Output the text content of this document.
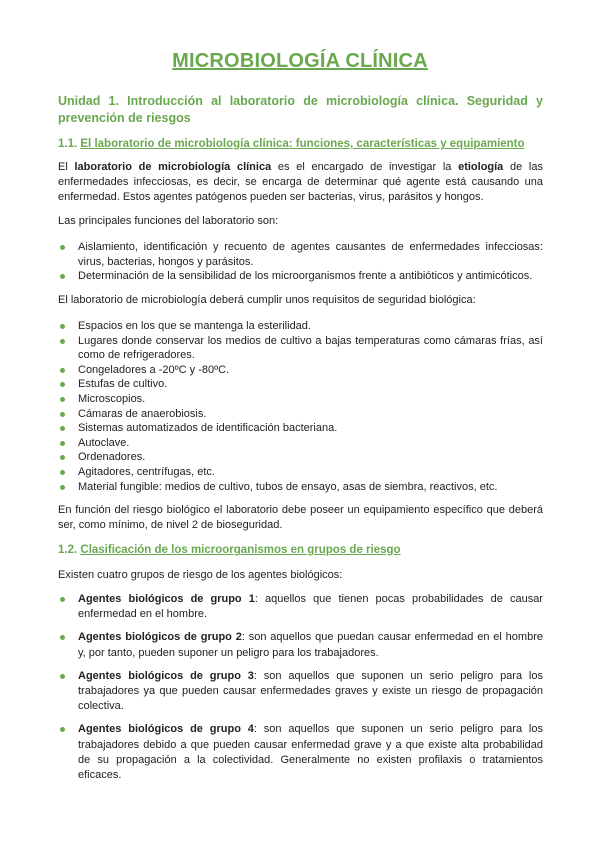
MICROBIOLOGÍA CLÍNICA
Unidad 1. Introducción al laboratorio de microbiología clínica. Seguridad y prevención de riesgos
1.1. El laboratorio de microbiología clínica: funciones, características y equipamiento
El laboratorio de microbiología clínica es el encargado de investigar la etiología de las enfermedades infecciosas, es decir, se encarga de determinar qué agente está causando una enfermedad. Estos agentes patógenos pueden ser bacterias, virus, parásitos y hongos.
Las principales funciones del laboratorio son:
Aislamiento, identificación y recuento de agentes causantes de enfermedades infecciosas: virus, bacterias, hongos y parásitos.
Determinación de la sensibilidad de los microorganismos frente a antibióticos y antimicóticos.
El laboratorio de microbiología deberá cumplir unos requisitos de seguridad biológica:
Espacios en los que se mantenga la esterilidad.
Lugares donde conservar los medios de cultivo a bajas temperaturas como cámaras frías, así como de refrigeradores.
Congeladores a -20ºC y -80ºC.
Estufas de cultivo.
Microscopios.
Cámaras de anaerobiosis.
Sistemas automatizados de identificación bacteriana.
Autoclave.
Ordenadores.
Agitadores, centrífugas, etc.
Material fungible: medios de cultivo, tubos de ensayo, asas de siembra, reactivos, etc.
En función del riesgo biológico el laboratorio debe poseer un equipamiento específico que deberá ser, como mínimo, de nivel 2 de bioseguridad.
1.2. Clasificación de los microorganismos en grupos de riesgo
Existen cuatro grupos de riesgo de los agentes biológicos:
Agentes biológicos de grupo 1: aquellos que tienen pocas probabilidades de causar enfermedad en el hombre.
Agentes biológicos de grupo 2: son aquellos que puedan causar enfermedad en el hombre y, por tanto, pueden suponer un peligro para los trabajadores.
Agentes biológicos de grupo 3: son aquellos que suponen un serio peligro para los trabajadores ya que pueden causar enfermedades graves y existe un riesgo de propagación colectiva.
Agentes biológicos de grupo 4: son aquellos que suponen un serio peligro para los trabajadores debido a que pueden causar enfermedad grave y a que existe alta probabilidad de su propagación a la colectividad. Generalmente no existen profilaxis o tratamientos eficaces.
